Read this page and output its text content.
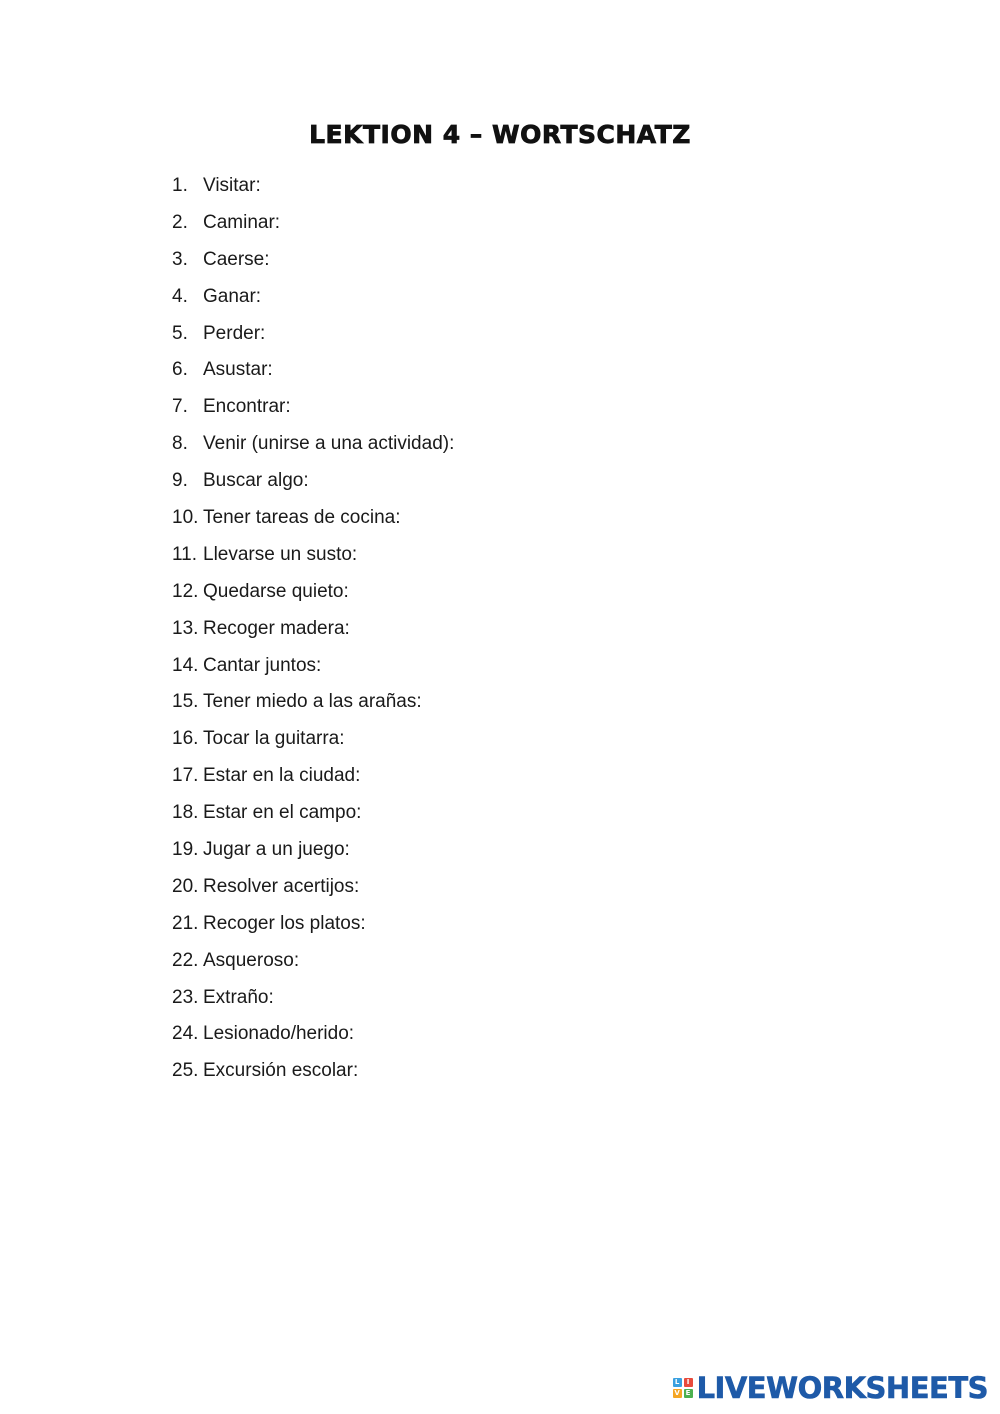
LEKTION 4 – WORTSCHATZ
1. Visitar:
2. Caminar:
3. Caerse:
4. Ganar:
5. Perder:
6. Asustar:
7. Encontrar:
8. Venir (unirse a una actividad):
9. Buscar algo:
10. Tener tareas de cocina:
11. Llevarse un susto:
12. Quedarse quieto:
13. Recoger madera:
14. Cantar juntos:
15. Tener miedo a las arañas:
16. Tocar la guitarra:
17. Estar en la ciudad:
18. Estar en el campo:
19. Jugar a un juego:
20. Resolver acertijos:
21. Recoger los platos:
22. Asqueroso:
23. Extraño:
24. Lesionado/herido:
25. Excursión escolar:
L	I
V E LIVEWORKSHEETS
